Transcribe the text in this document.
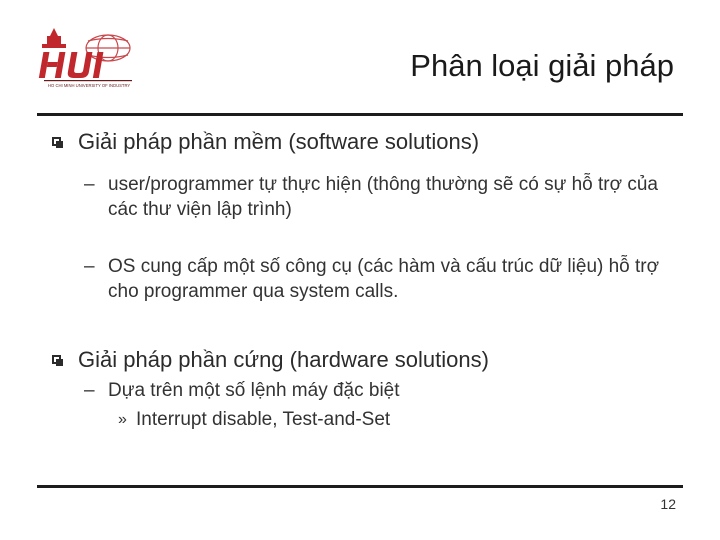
HO CHI MINH UNIVERSITY OF INDUSTRY
Phân loại giải pháp
Giải pháp phần mềm (software solutions)
– user/programmer tự thực hiện (thông thường sẽ có sự hỗ trợ của các thư viện lập trình)
– OS cung cấp một số công cụ (các hàm và cấu trúc dữ liệu) hỗ trợ cho programmer qua system calls.
Giải pháp phần cứng (hardware solutions)
– Dựa trên một số lệnh máy đặc biệt
» Interrupt disable, Test-and-Set
12
